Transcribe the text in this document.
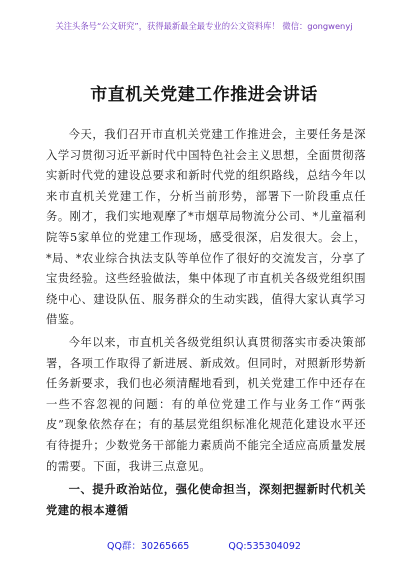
关注头条号“公文研究”，获得最新最全最专业的公文资料库！ 微信：gongwenyj
市直机关党建工作推进会讲话

今天，我们召开市直机关党建工作推进会，主要任务是深入学习贯彻习近平新时代中国特色社会主义思想，全面贯彻落实新时代党的建设总要求和新时代党的组织路线，总结今年以来市直机关党建工作，分析当前形势，部署下一阶段重点任务。刚才，我们实地观摩了*市烟草局物流分公司、*儿童福利院等5家单位的党建工作现场，感受很深，启发很大。会上，*局、*农业综合执法支队等单位作了很好的交流发言，分享了宝贵经验。这些经验做法，集中体现了市直机关各级党组织围绕中心、建设队伍、服务群众的生动实践，值得大家认真学习借鉴。

今年以来，市直机关各级党组织认真贯彻落实市委决策部署，各项工作取得了新进展、新成效。但同时，对照新形势新任务新要求，我们也必须清醒地看到，机关党建工作中还存在一些不容忽视的问题：有的单位党建工作与业务工作“两张皮”现象依然存在；有的基层党组织标准化规范化建设水平还有待提升；少数党务干部能力素质尚不能完全适应高质量发展的需要。下面，我讲三点意见。

一、提升政治站位，强化使命担当，深刻把握新时代机关党建的根本遵循

QQ群：30265665	QQ:535304092
